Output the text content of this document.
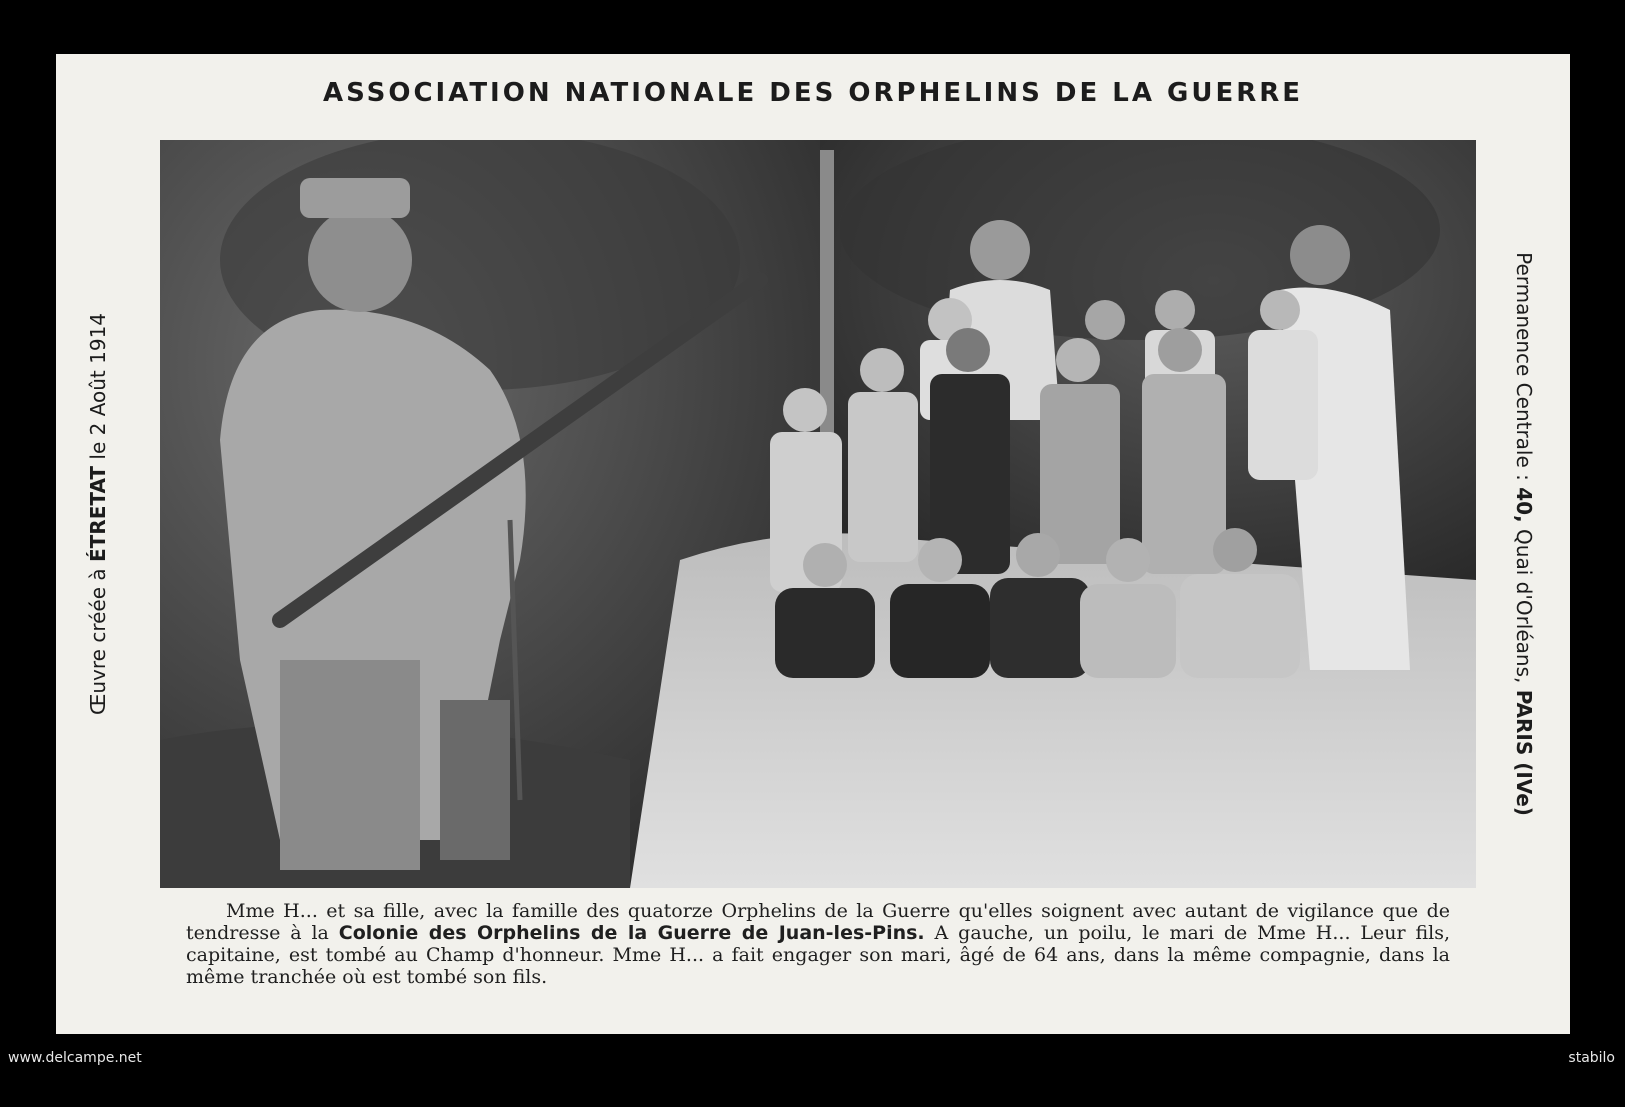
ASSOCIATION NATIONALE DES ORPHELINS DE LA GUERRE
Œuvre créée à ÉTRETAT le 2 Août 1914	Permanence Centrale : 40, Quai d'Orléans, PARIS (IVe)

Mme H... et sa fille, avec la famille des quatorze Orphelins de la Guerre qu'elles soignent avec autant de vigilance que de tendresse à la Colonie des Orphelins de la Guerre de Juan-les-Pins. A gauche, un poilu, le mari de Mme H... Leur fils, capitaine, est tombé au Champ d'honneur. Mme H... a fait engager son mari, âgé de 64 ans, dans la même compagnie, dans la même tranchée où est tombé son fils.

www.delcampe.net	stabilo
